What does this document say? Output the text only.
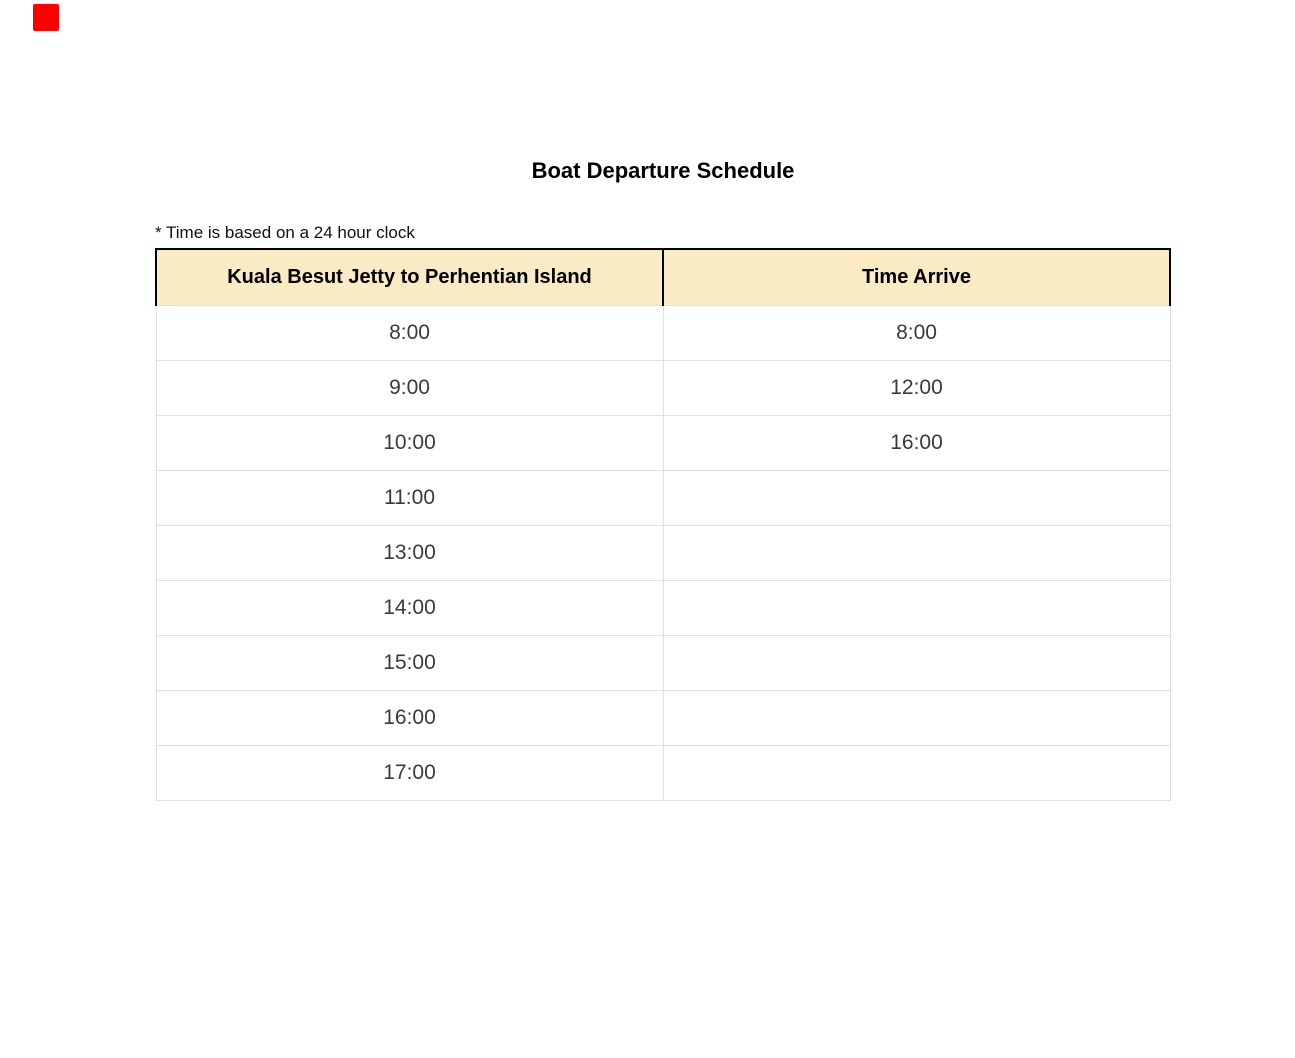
Boat Departure Schedule
* Time is based on a 24 hour clock
Kuala Besut Jetty to Perhentian Island	Time Arrive
8:00	8:00
9:00	12:00
10:00	16:00
11:00	
13:00	
14:00	
15:00	
16:00	
17:00	
